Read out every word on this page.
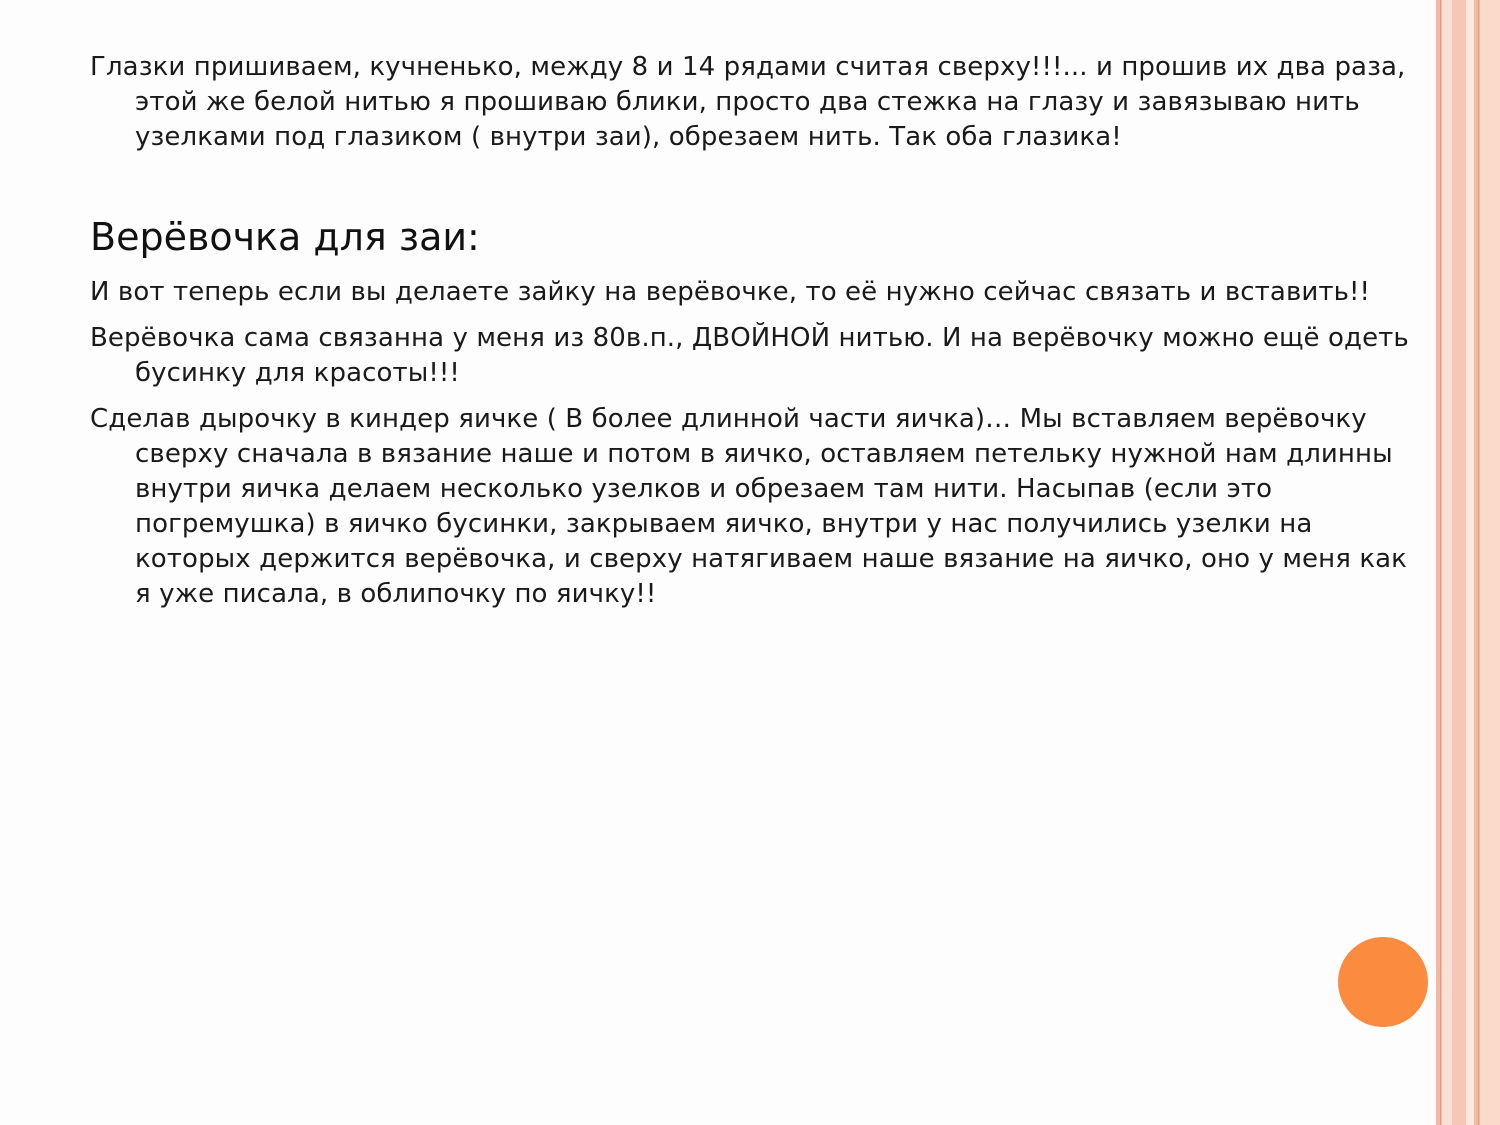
Глазки пришиваем, кучненько, между 8 и 14 рядами считая сверху!!!... и прошив их два раза, этой же белой нитью я прошиваю блики, просто два стежка на глазу и завязываю нить узелками под глазиком ( внутри заи), обрезаем нить. Так оба глазика!

Верёвочка для заи:

И вот теперь если вы делаете зайку на верёвочке, то её нужно сейчас связать и вставить!!

Верёвочка сама связанна у меня из 80в.п., ДВОЙНОЙ нитью. И на верёвочку можно ещё одеть бусинку для красоты!!!

Сделав дырочку в киндер яичке ( В более длинной части яичка)… Мы вставляем верёвочку сверху сначала в вязание наше и потом в яичко, оставляем петельку нужной нам длинны внутри яичка делаем несколько узелков и обрезаем там нити. Насыпав (если это погремушка) в яичко бусинки, закрываем яичко, внутри у нас получились узелки на которых держится верёвочка, и сверху натягиваем наше вязание на яичко, оно у меня как я уже писала, в облипочку по яичку!!
